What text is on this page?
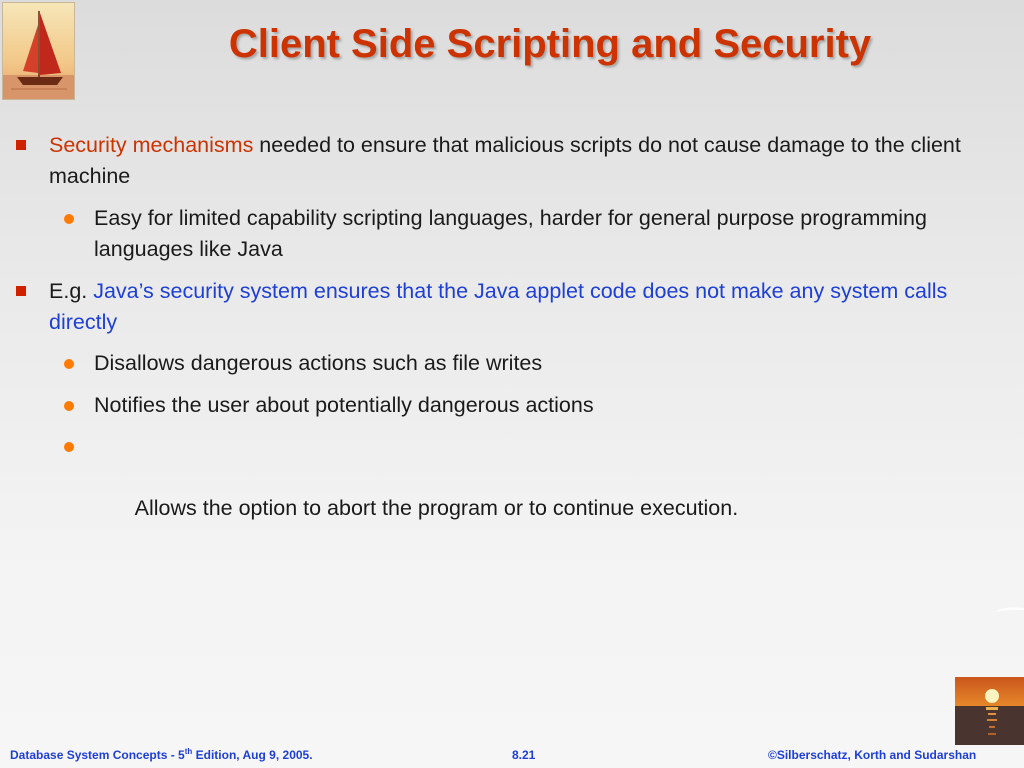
Client Side Scripting and Security
Security mechanisms needed to ensure that malicious scripts do not cause damage to the client machine
Easy for limited capability scripting languages, harder for general purpose programming languages like Java
E.g. Java’s security system ensures that the Java applet code does not make any system calls directly
Disallows dangerous actions such as file writes
Notifies the user about potentially dangerous actions

Allows the option to abort the program or to continue execution.

Database System Concepts - 5th Edition, Aug 9, 2005.	8.21	©Silberschatz, Korth and Sudarshan
